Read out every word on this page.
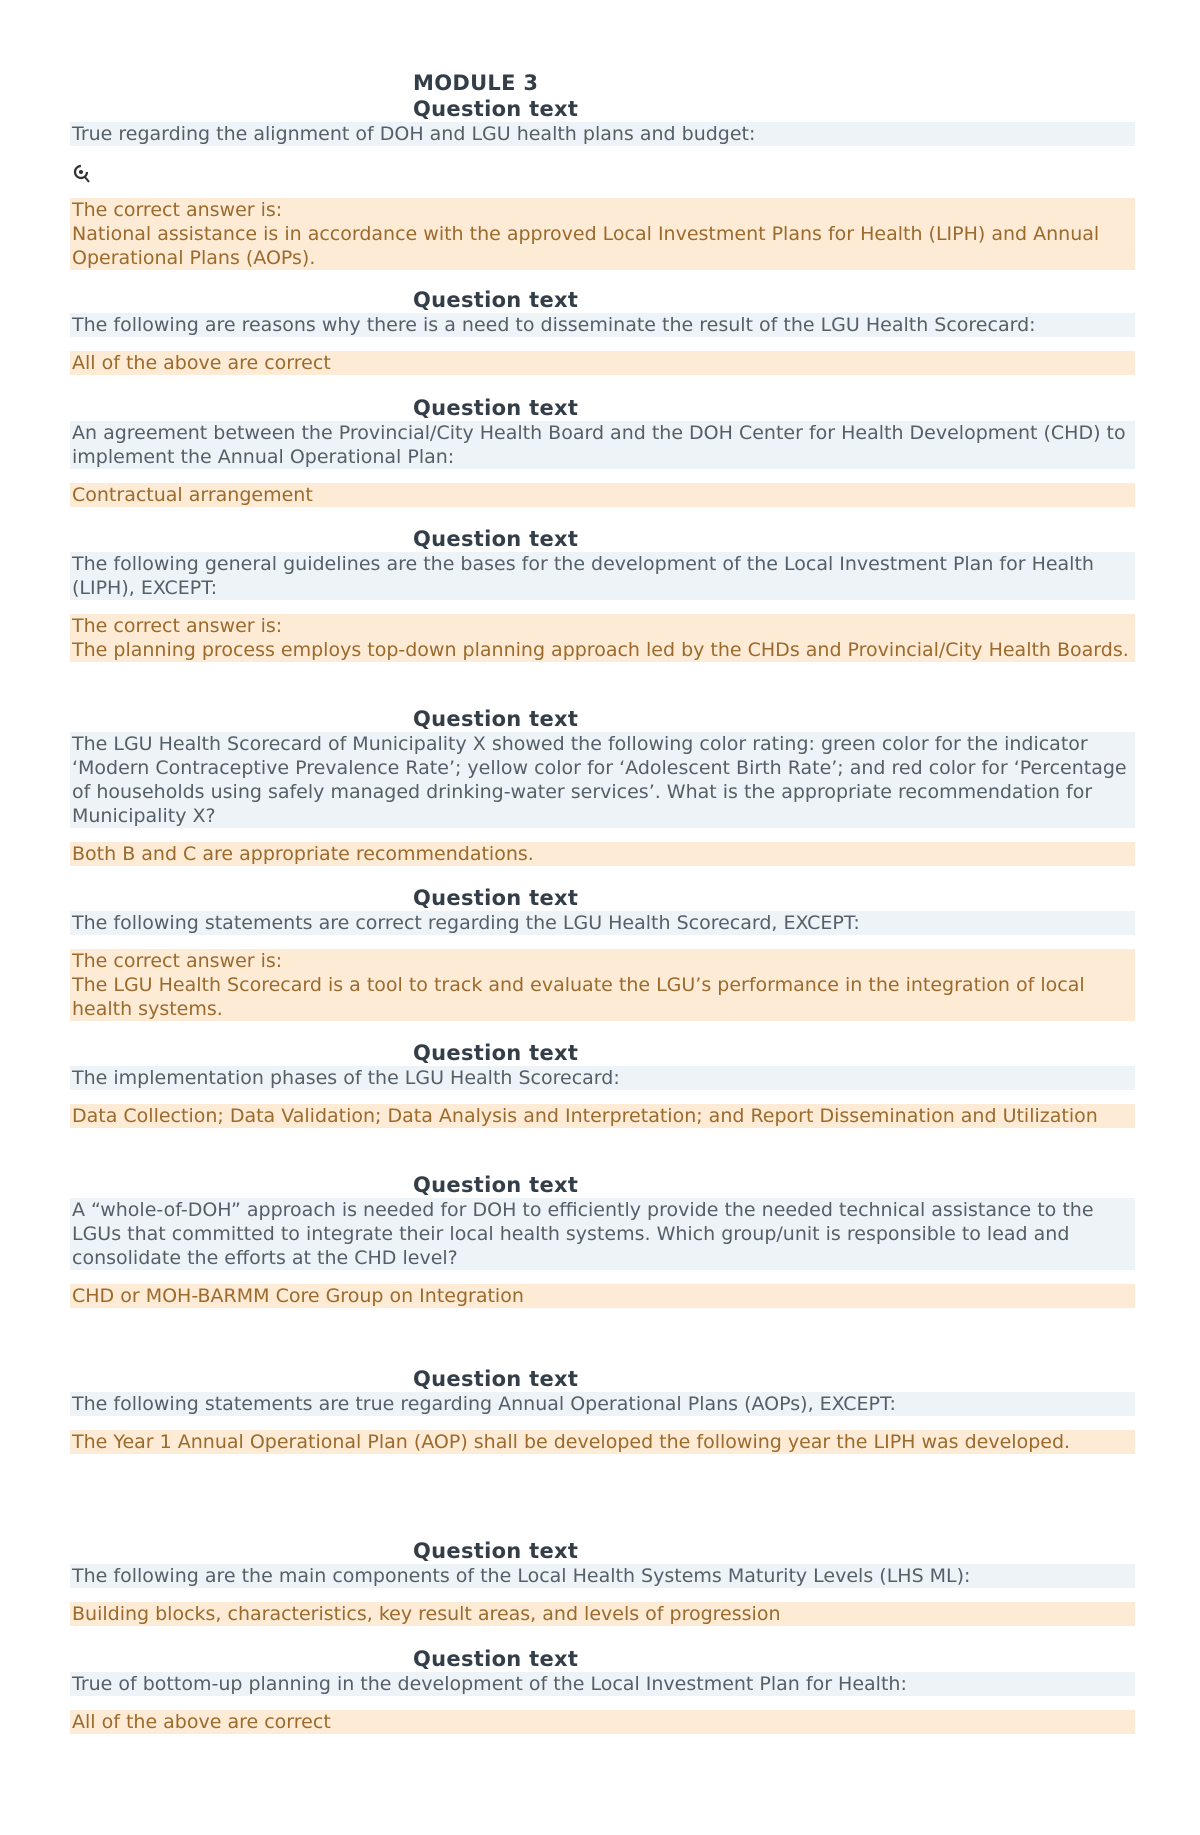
MODULE 3
Question text
True regarding the alignment of DOH and LGU health plans and budget:
The correct answer is:
National assistance is in accordance with the approved Local Investment Plans for Health (LIPH) and Annual Operational Plans (AOPs).
Question text
The following are reasons why there is a need to disseminate the result of the LGU Health Scorecard:
All of the above are correct
Question text
An agreement between the Provincial/City Health Board and the DOH Center for Health Development (CHD) to implement the Annual Operational Plan:
Contractual arrangement
Question text
The following general guidelines are the bases for the development of the Local Investment Plan for Health (LIPH), EXCEPT:
The correct answer is:
The planning process employs top-down planning approach led by the CHDs and Provincial/City Health Boards.
Question text
The LGU Health Scorecard of Municipality X showed the following color rating: green color for the indicator ‘Modern Contraceptive Prevalence Rate’; yellow color for ‘Adolescent Birth Rate’; and red color for ‘Percentage of households using safely managed drinking-water services’. What is the appropriate recommendation for Municipality X?
Both B and C are appropriate recommendations.
Question text
The following statements are correct regarding the LGU Health Scorecard, EXCEPT:
The correct answer is:
The LGU Health Scorecard is a tool to track and evaluate the LGU’s performance in the integration of local health systems.
Question text
The implementation phases of the LGU Health Scorecard:
Data Collection; Data Validation; Data Analysis and Interpretation; and Report Dissemination and Utilization
Question text
A “whole-of-DOH” approach is needed for DOH to efficiently provide the needed technical assistance to the LGUs that committed to integrate their local health systems. Which group/unit is responsible to lead and consolidate the efforts at the CHD level?
CHD or MOH-BARMM Core Group on Integration
Question text
The following statements are true regarding Annual Operational Plans (AOPs), EXCEPT:
The Year 1 Annual Operational Plan (AOP) shall be developed the following year the LIPH was developed.
Question text
The following are the main components of the Local Health Systems Maturity Levels (LHS ML):
Building blocks, characteristics, key result areas, and levels of progression
Question text
True of bottom-up planning in the development of the Local Investment Plan for Health:
All of the above are correct
